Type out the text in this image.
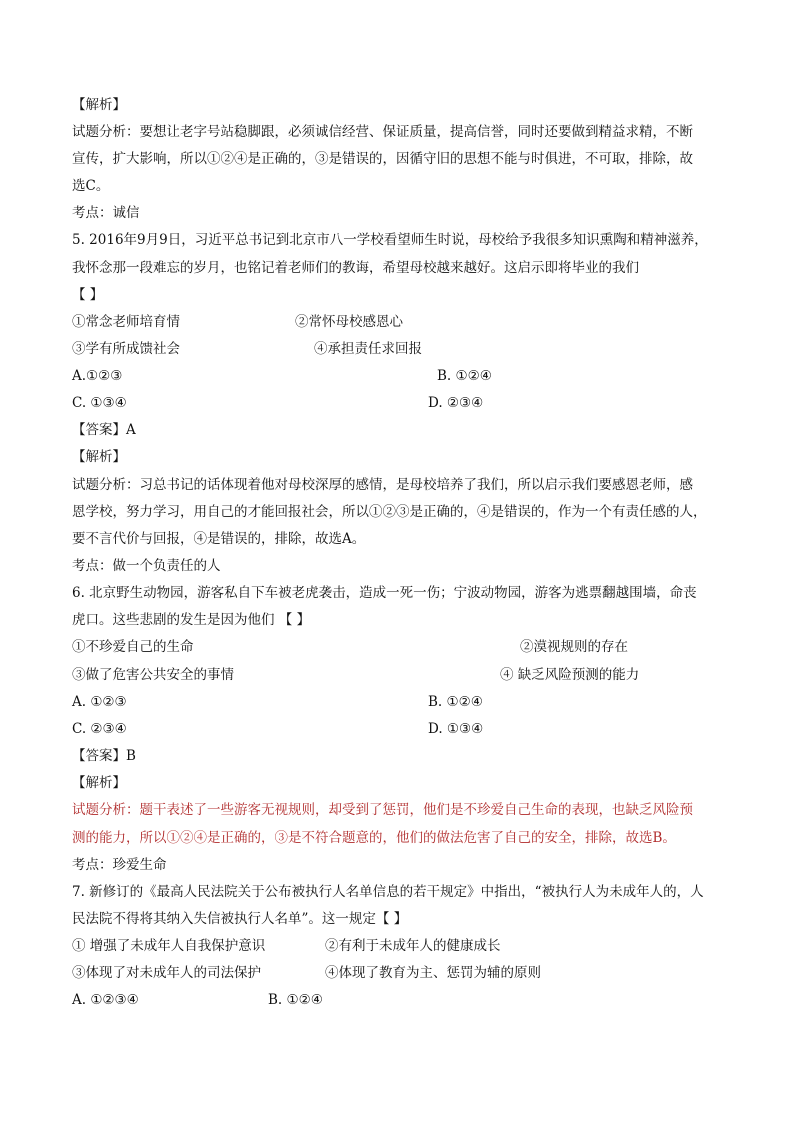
【解析】
试题分析：要想让老字号站稳脚跟，必须诚信经营、保证质量，提高信誉，同时还要做到精益求精，不断
宣传，扩大影响，所以①②④是正确的，③是错误的，因循守旧的思想不能与时俱进，不可取，排除，故
选C。
考点：诚信
5. 2016年9月9日，习近平总书记到北京市八一学校看望师生时说，母校给予我很多知识熏陶和精神滋养，
我怀念那一段难忘的岁月，也铭记着老师们的教诲，希望母校越来越好。这启示即将毕业的我们
【 】
①常念老师培育情	②常怀母校感恩心
③学有所成馈社会	④承担责任求回报
A.①②③	B. ①②④
C. ①③④	D. ②③④
【答案】A
【解析】
试题分析：习总书记的话体现着他对母校深厚的感情，是母校培养了我们，所以启示我们要感恩老师，感
恩学校，努力学习，用自己的才能回报社会，所以①②③是正确的，④是错误的，作为一个有责任感的人，
要不言代价与回报，④是错误的，排除，故选A。
考点：做一个负责任的人
6. 北京野生动物园，游客私自下车被老虎袭击，造成一死一伤；宁波动物园，游客为逃票翻越围墙，命丧
虎口。这些悲剧的发生是因为他们 【 】
①不珍爱自己的生命	②漠视规则的存在
③做了危害公共安全的事情	④ 缺乏风险预测的能力
A. ①②③	B. ①②④
C. ②③④	D. ①③④
【答案】B
【解析】
试题分析：题干表述了一些游客无视规则，却受到了惩罚，他们是不珍爱自己生命的表现，也缺乏风险预
测的能力，所以①②④是正确的，③是不符合题意的，他们的做法危害了自己的安全，排除，故选B。
考点：珍爱生命
7. 新修订的《最高人民法院关于公布被执行人名单信息的若干规定》中指出，“被执行人为未成年人的，人
民法院不得将其纳入失信被执行人名单”。这一规定【 】
① 增强了未成年人自我保护意识	②有利于未成年人的健康成长
③体现了对未成年人的司法保护	④体现了教育为主、惩罚为辅的原则
A. ①②③④	B. ①②④
